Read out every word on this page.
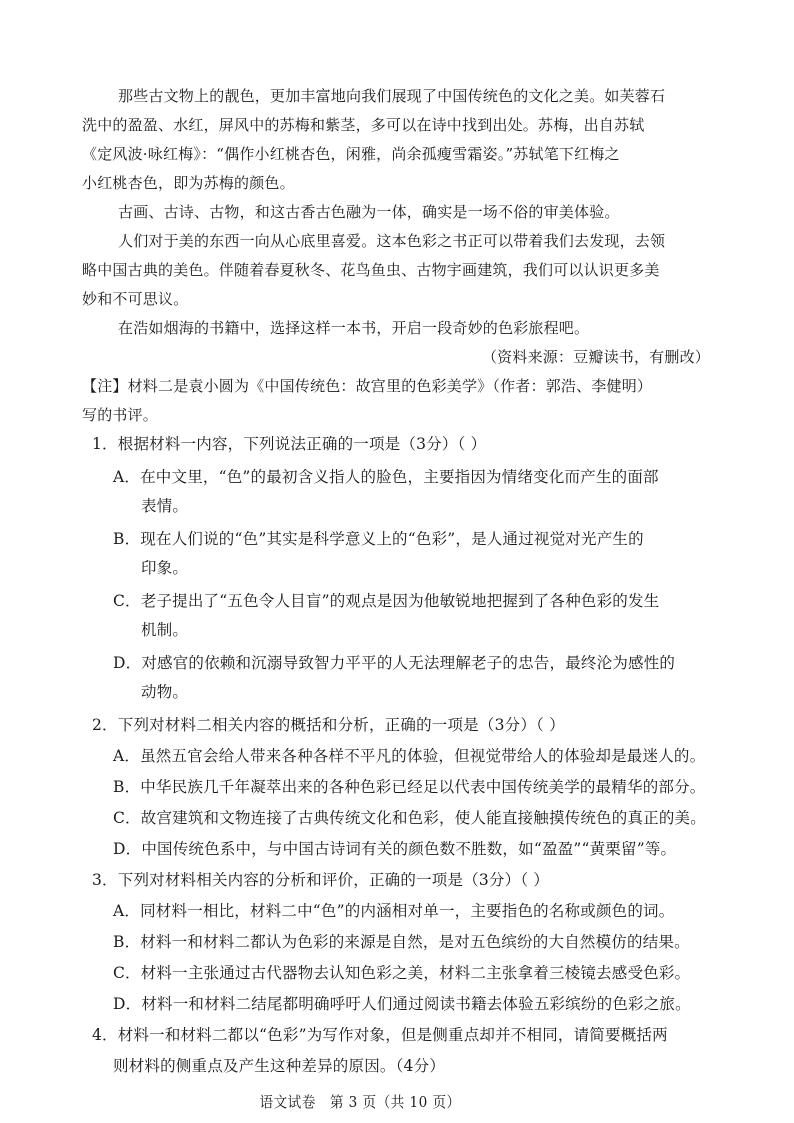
那些古文物上的靓色，更加丰富地向我们展现了中国传统色的文化之美。如芙蓉石
洗中的盈盈、水红，屏风中的苏梅和紫茎，多可以在诗中找到出处。苏梅，出自苏轼
《定风波·咏红梅》：“偶作小红桃杏色，闲雅，尚余孤瘦雪霜姿。”苏轼笔下红梅之
小红桃杏色，即为苏梅的颜色。
古画、古诗、古物，和这古香古色融为一体，确实是一场不俗的审美体验。
人们对于美的东西一向从心底里喜爱。这本色彩之书正可以带着我们去发现，去领
略中国古典的美色。伴随着春夏秋冬、花鸟鱼虫、古物宇画建筑，我们可以认识更多美
妙和不可思议。
在浩如烟海的书籍中，选择这样一本书，开启一段奇妙的色彩旅程吧。
（资料来源：豆瓣读书，有删改）
【注】材料二是袁小圆为《中国传统色：故宫里的色彩美学》（作者：郭浩、李健明）
写的书评。
1．根据材料一内容，下列说法正确的一项是（3分）（ ）
A．在中文里，“色”的最初含义指人的脸色，主要指因为情绪变化而产生的面部
表情。
B．现在人们说的“色”其实是科学意义上的“色彩”，是人通过视觉对光产生的
印象。
C．老子提出了“五色令人目盲”的观点是因为他敏锐地把握到了各种色彩的发生
机制。
D．对感官的依赖和沉溺导致智力平平的人无法理解老子的忠告，最终沦为感性的
动物。
2．下列对材料二相关内容的概括和分析，正确的一项是（3分）（ ）
A．虽然五官会给人带来各种各样不平凡的体验，但视觉带给人的体验却是最迷人的。
B．中华民族几千年凝萃出来的各种色彩已经足以代表中国传统美学的最精华的部分。
C．故宫建筑和文物连接了古典传统文化和色彩，使人能直接触摸传统色的真正的美。
D．中国传统色系中，与中国古诗词有关的颜色数不胜数，如“盈盈”“黄栗留”等。
3．下列对材料相关内容的分析和评价，正确的一项是（3分）（ ）
A．同材料一相比，材料二中“色”的内涵相对单一，主要指色的名称或颜色的词。
B．材料一和材料二都认为色彩的来源是自然，是对五色缤纷的大自然模仿的结果。
C．材料一主张通过古代器物去认知色彩之美，材料二主张拿着三棱镜去感受色彩。
D．材料一和材料二结尾都明确呼吁人们通过阅读书籍去体验五彩缤纷的色彩之旅。
4．材料一和材料二都以“色彩”为写作对象，但是侧重点却并不相同，请简要概括两
则材料的侧重点及产生这种差异的原因。（4分）
语文试卷　第 3 页（共 10 页）
